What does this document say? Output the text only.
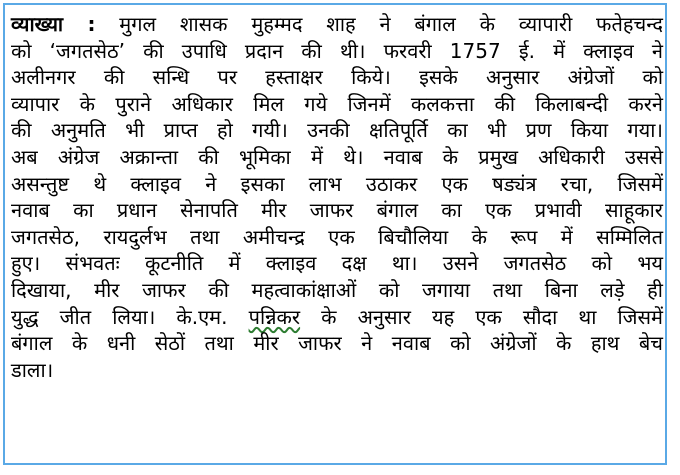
व्याख्या : मुगल शासक मुहम्मद शाह ने बंगाल के व्यापारी फतेहचन्द
को ‘जगतसेठ’ की उपाधि प्रदान की थी। फरवरी 1757 ई. में क्लाइव ने
अलीनगर की सन्धि पर हस्ताक्षर किये। इसके अनुसार अंग्रेजों को
व्यापार के पुराने अधिकार मिल गये जिनमें कलकत्ता की किलाबन्दी करने
की अनुमति भी प्राप्त हो गयी। उनकी क्षतिपूर्ति का भी प्रण किया गया।
अब अंग्रेज अक्रान्ता की भूमिका में थे। नवाब के प्रमुख अधिकारी उससे
असन्तुष्ट थे क्लाइव ने इसका लाभ उठाकर एक षड्यंत्र रचा, जिसमें
नवाब का प्रधान सेनापति मीर जाफर बंगाल का एक प्रभावी साहूकार
जगतसेठ, रायदुर्लभ तथा अमीचन्द्र एक बिचौलिया के रूप में सम्मिलित
हुए। संभवतः कूटनीति में क्लाइव दक्ष था। उसने जगतसेठ को भय
दिखाया, मीर जाफर की महत्वाकांक्षाओं को जगाया तथा बिना लड़े ही
युद्ध जीत लिया। के.एम. पन्निकर के अनुसार यह एक सौदा था जिसमें
बंगाल के धनी सेठों तथा मीर जाफर ने नवाब को अंग्रेजों के हाथ बेच
डाला।
